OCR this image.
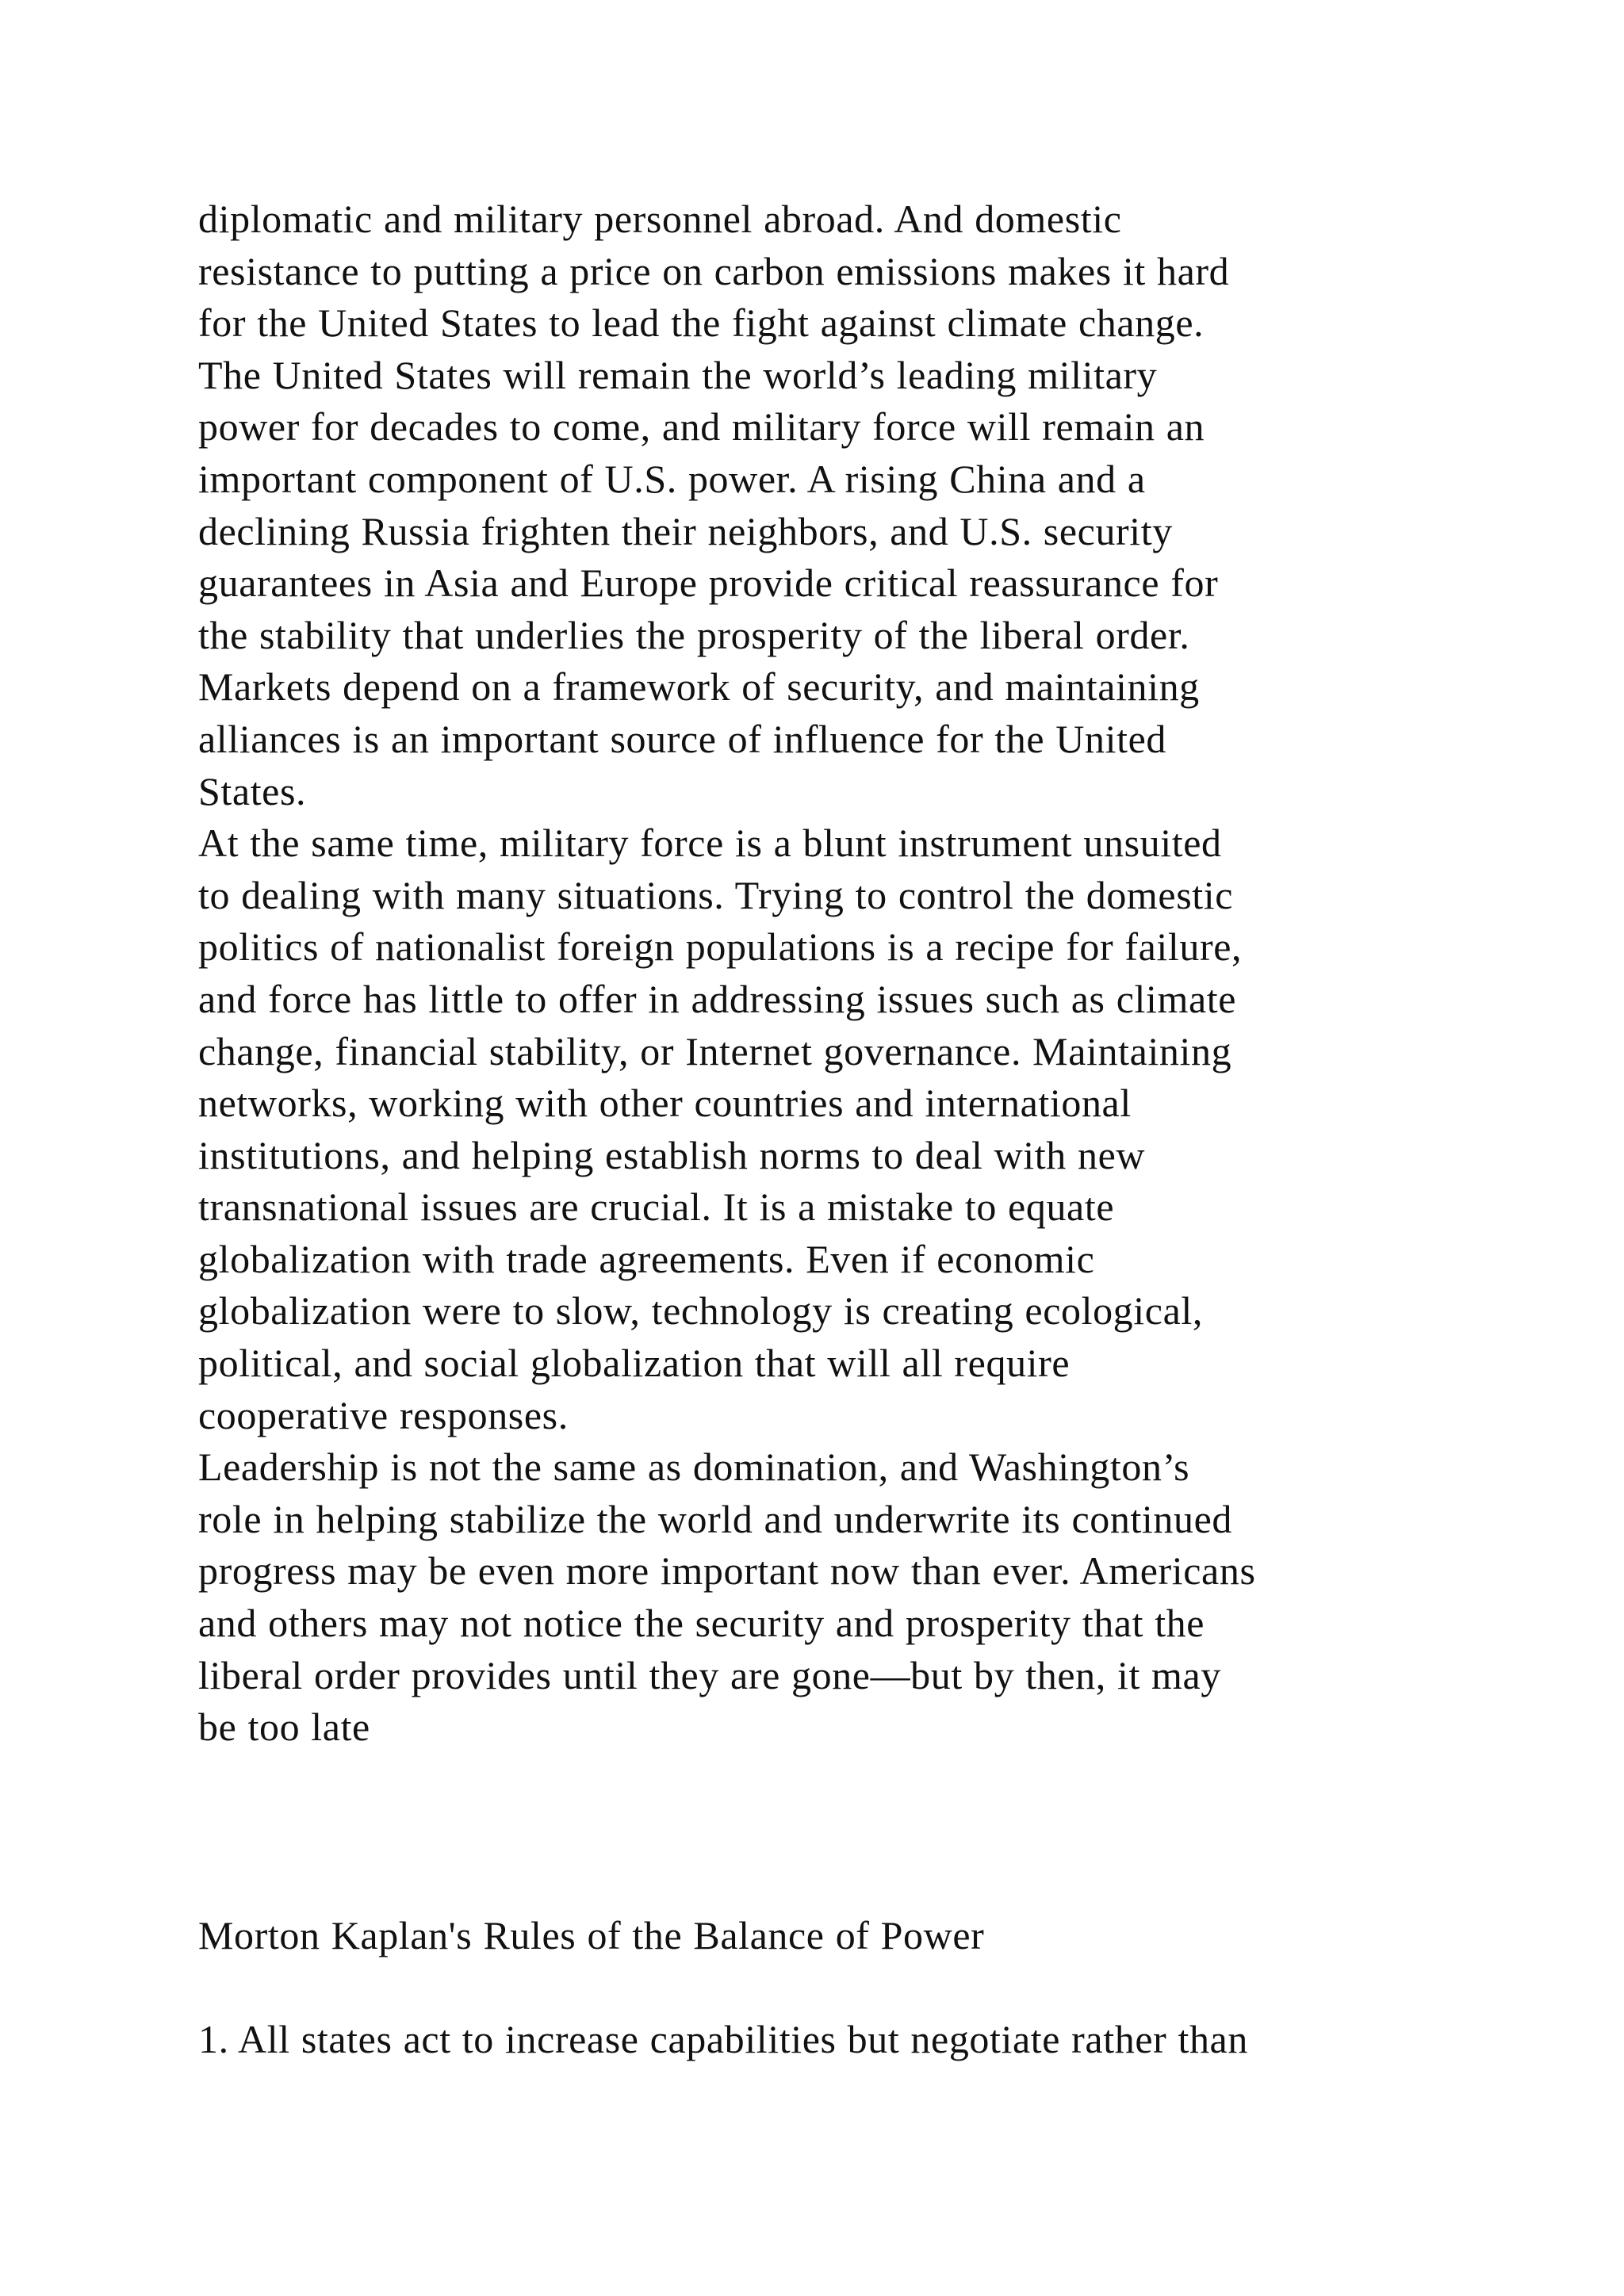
diplomatic and military personnel abroad. And domestic
resistance to putting a price on carbon emissions makes it hard
for the United States to lead the fight against climate change.
The United States will remain the world’s leading military
power for decades to come, and military force will remain an
important component of U.S. power. A rising China and a
declining Russia frighten their neighbors, and U.S. security
guarantees in Asia and Europe provide critical reassurance for
the stability that underlies the prosperity of the liberal order.
Markets depend on a framework of security, and maintaining
alliances is an important source of influence for the United
States.
At the same time, military force is a blunt instrument unsuited
to dealing with many situations. Trying to control the domestic
politics of nationalist foreign populations is a recipe for failure,
and force has little to offer in addressing issues such as climate
change, financial stability, or Internet governance. Maintaining
networks, working with other countries and international
institutions, and helping establish norms to deal with new
transnational issues are crucial. It is a mistake to equate
globalization with trade agreements. Even if economic
globalization were to slow, technology is creating ecological,
political, and social globalization that will all require
cooperative responses.
Leadership is not the same as domination, and Washington’s
role in helping stabilize the world and underwrite its continued
progress may be even more important now than ever. Americans
and others may not notice the security and prosperity that the
liberal order provides until they are gone—but by then, it may
be too late
Morton Kaplan's Rules of the Balance of Power
1. All states act to increase capabilities but negotiate rather than
